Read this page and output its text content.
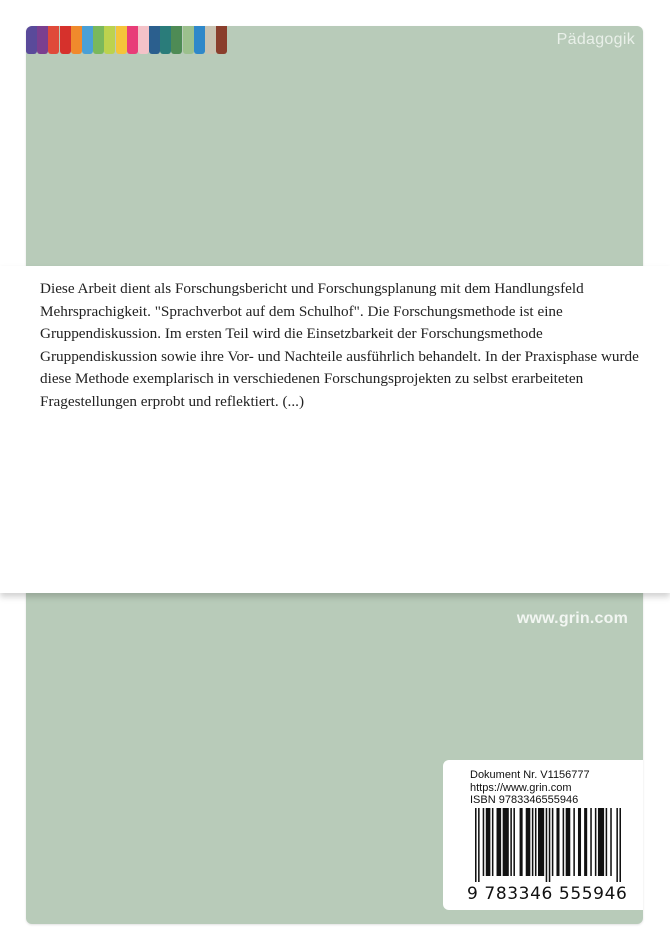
Pädagogik

Diese Arbeit dient als Forschungsbericht und Forschungsplanung mit dem Handlungsfeld Mehrsprachigkeit. "Sprachverbot auf dem Schulhof". Die Forschungsmethode ist eine Gruppendiskussion. Im ersten Teil wird die Einsetzbarkeit der Forschungsmethode Gruppendiskussion sowie ihre Vor- und Nachteile ausführlich behandelt. In der Praxisphase wurde diese Methode exemplarisch in verschiedenen Forschungsprojekten zu selbst erarbeiteten Fragestellungen erprobt und reflektiert. (...)

www.grin.com
Dokument Nr. V1156777
https://www.grin.com
ISBN 9783346555946
9 783346 555946
